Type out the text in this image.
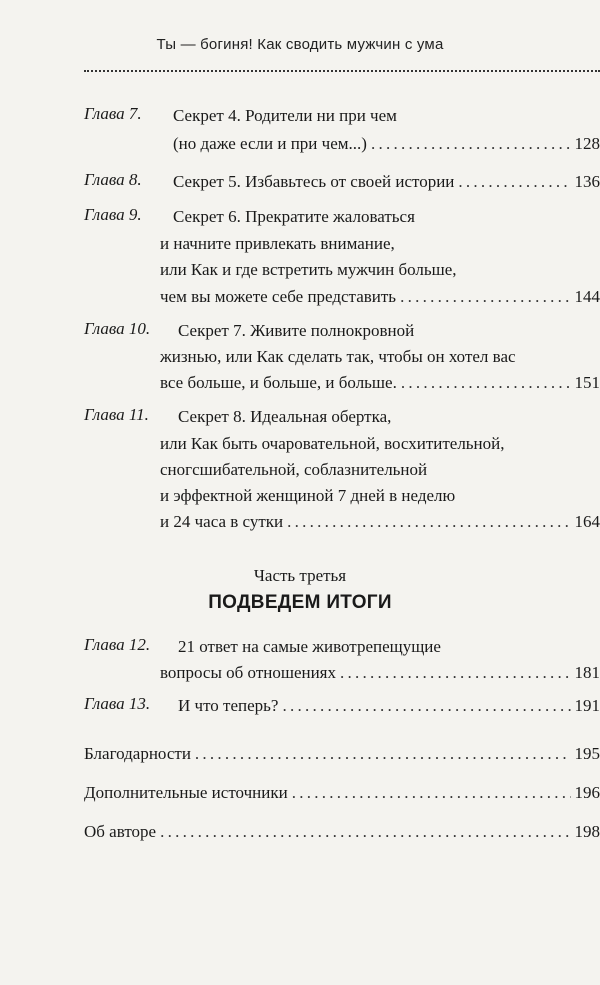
Ты — богиня! Как сводить мужчин с ума
Глава 7. Секрет 4. Родители ни при чем
(но даже если и при чем...) . . .	128
Глава 8. Секрет 5. Избавьтесь от своей истории . . .	136
Глава 9. Секрет 6. Прекратите жаловаться
и начните привлекать внимание,
или Как и где встретить мужчин больше,
чем вы можете себе представить . . .	144
Глава 10. Секрет 7. Живите полнокровной
жизнью, или Как сделать так, чтобы он хотел вас
все больше, и больше, и больше. . . .	151
Глава 11. Секрет 8. Идеальная обертка,
или Как быть очаровательной, восхитительной,
сногсшибательной, соблазнительной
и эффектной женщиной 7 дней в неделю
и 24 часа в сутки . . .	164
Часть третья
ПОДВЕДЕМ ИТОГИ
Глава 12. 21 ответ на самые животрепещущие
вопросы об отношениях . . .	181
Глава 13. И что теперь? . . .	191
Благодарности . . .	195
Дополнительные источники . . .	196
Об авторе . . .	198
